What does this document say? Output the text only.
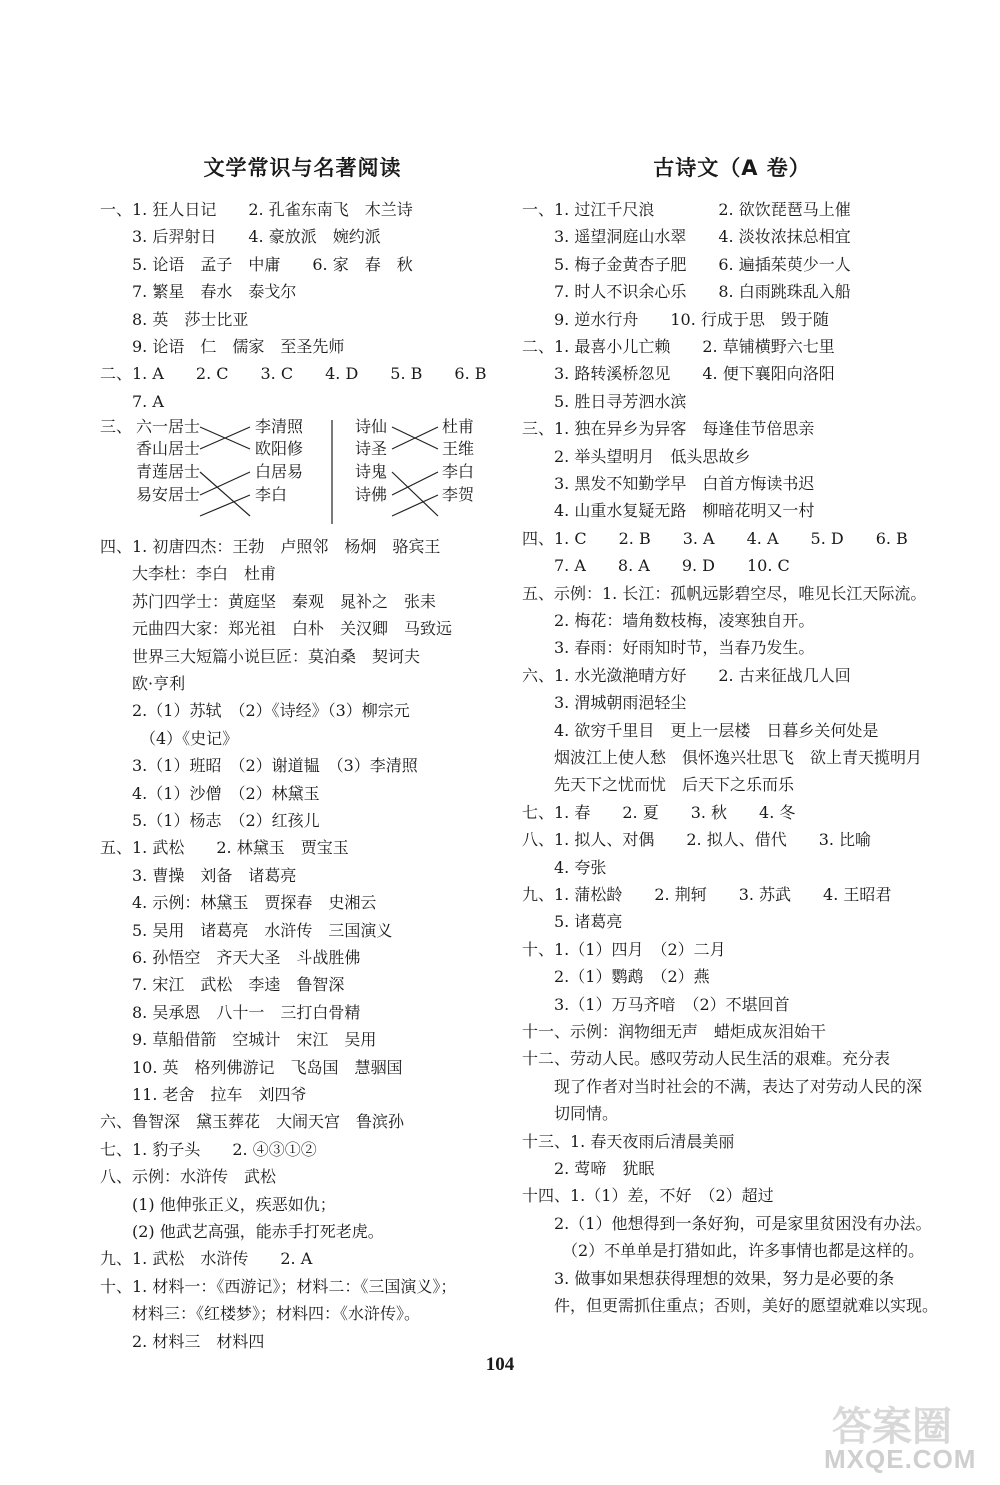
文学常识与名著阅读
一、1. 狂人日记　　2. 孔雀东南飞　木兰诗
　　3. 后羿射日　　4. 豪放派　婉约派
　　5. 论语　孟子　中庸　　6. 家　春　秋
　　7. 繁星　春水　泰戈尔
　　8. 英　莎士比亚
　　9. 论语　仁　儒家　至圣先师
二、1. A　　2. C　　3. C　　4. D　　5. B　　6. B
　　7. A
三、 六一居士
香山居士
青莲居士
易安居士
李清照
欧阳修
白居易
李白
诗仙
诗圣
诗鬼
诗佛
杜甫
王维
李白
李贺
四、1. 初唐四杰：王勃　卢照邻　杨炯　骆宾王
　　大李杜：李白　杜甫
　　苏门四学士：黄庭坚　秦观　晁补之　张耒
　　元曲四大家：郑光祖　白朴　关汉卿　马致远
　　世界三大短篇小说巨匠：莫泊桑　契诃夫
　　欧·亨利
　　2.（1）苏轼　（2）《诗经》（3）柳宗元
　　　（4）《史记》
　　3.（1）班昭　（2）谢道韫　（3）李清照
　　4.（1）沙僧　（2）林黛玉
　　5.（1）杨志　（2）红孩儿
五、1. 武松　　2. 林黛玉　贾宝玉
　　3. 曹操　刘备　诸葛亮
　　4. 示例：林黛玉　贾探春　史湘云
　　5. 吴用　诸葛亮　水浒传　三国演义
　　6. 孙悟空　齐天大圣　斗战胜佛
　　7. 宋江　武松　李逵　鲁智深
　　8. 吴承恩　八十一　三打白骨精
　　9. 草船借箭　空城计　宋江　吴用
　　10. 英　格列佛游记　飞岛国　慧骃国
　　11. 老舍　拉车　刘四爷
六、鲁智深　黛玉葬花　大闹天宫　鲁滨孙
七、1. 豹子头　　2. ④③①②
八、示例：水浒传　武松
　　(1) 他伸张正义，疾恶如仇；
　　(2) 他武艺高强，能赤手打死老虎。
九、1. 武松　水浒传　　2. A
十、1. 材料一：《西游记》；材料二：《三国演义》；
　　材料三：《红楼梦》；材料四：《水浒传》。
　　2. 材料三　材料四
古诗文（A 卷）
一、1. 过江千尺浪　　　　2. 欲饮琵琶马上催
　　3. 遥望洞庭山水翠　　4. 淡妆浓抹总相宜
　　5. 梅子金黄杏子肥　　6. 遍插茱萸少一人
　　7. 时人不识余心乐　　8. 白雨跳珠乱入船
　　9. 逆水行舟　　10. 行成于思　毁于随
二、1. 最喜小儿亡赖　　2. 草铺横野六七里
　　3. 路转溪桥忽见　　4. 便下襄阳向洛阳
　　5. 胜日寻芳泗水滨
三、1. 独在异乡为异客　每逢佳节倍思亲
　　2. 举头望明月　低头思故乡
　　3. 黑发不知勤学早　白首方悔读书迟
　　4. 山重水复疑无路　柳暗花明又一村
四、1. C　　2. B　　3. A　　4. A　　5. D　　6. B
　　7. A　　8. A　　9. D　　10. C
五、示例：1. 长江：孤帆远影碧空尽，唯见长江天际流。
　　2. 梅花：墙角数枝梅，凌寒独自开。
　　3. 春雨：好雨知时节，当春乃发生。
六、1. 水光潋滟晴方好　　2. 古来征战几人回
　　3. 渭城朝雨浥轻尘
　　4. 欲穷千里目　更上一层楼　日暮乡关何处是
　　烟波江上使人愁　俱怀逸兴壮思飞　欲上青天揽明月
　　先天下之忧而忧　后天下之乐而乐
七、1. 春　　2. 夏　　3. 秋　　4. 冬
八、1. 拟人、对偶　　2. 拟人、借代　　3. 比喻
　　4. 夸张
九、1. 蒲松龄　　2. 荆轲　　3. 苏武　　4. 王昭君
　　5. 诸葛亮
十、1.（1）四月　（2）二月
　　2.（1）鹦鹉　（2）燕
　　3.（1）万马齐喑　（2）不堪回首
十一、示例：润物细无声　蜡炬成灰泪始干
十二、劳动人民。感叹劳动人民生活的艰难。充分表
　　现了作者对当时社会的不满，表达了对劳动人民的深
　　切同情。
十三、1. 春天夜雨后清晨美丽
　　2. 莺啼　犹眠
十四、1.（1）差，不好　（2）超过
　　2.（1）他想得到一条好狗，可是家里贫困没有办法。
　　　（2）不单单是打猎如此，许多事情也都是这样的。
　　3. 做事如果想获得理想的效果，努力是必要的条
　　件，但更需抓住重点；否则，美好的愿望就难以实现。
104
答案圈
MXQE.COM
